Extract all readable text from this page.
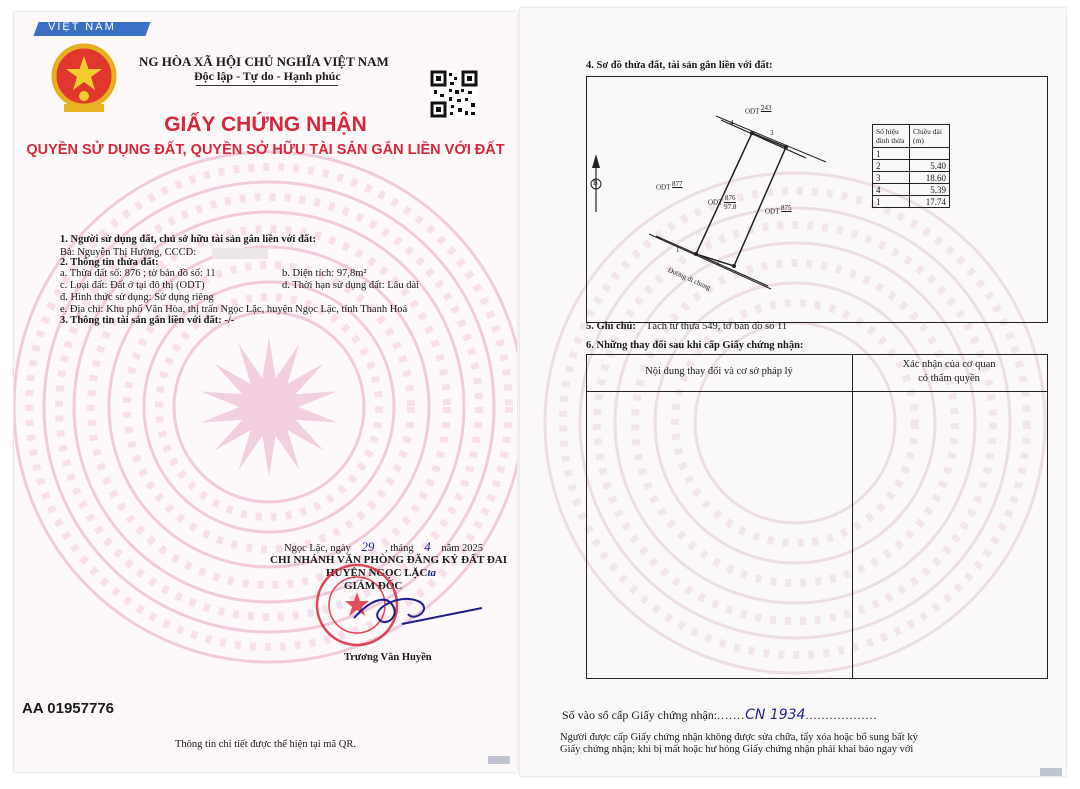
VIỆT NAM
NG HÒA XÃ HỘI CHỦ NGHĨA VIỆT NAM
Độc lập - Tự do - Hạnh phúc
GIẤY CHỨNG NHẬN
QUYỀN SỬ DỤNG ĐẤT, QUYỀN SỞ HỮU TÀI SẢN GẮN LIỀN VỚI ĐẤT
1. Người sử dụng đất, chủ sở hữu tài sản gắn liền với đất:
Bà: Nguyễn Thị Hường, CCCD:
2. Thông tin thửa đất:
a. Thửa đất số: 876 ; tờ bản đồ số: 11	b. Diện tích: 97,8m²
c. Loại đất: Đất ở tại đô thị (ODT)	d. Thời hạn sử dụng đất: Lâu dài
đ. Hình thức sử dụng: Sử dụng riêng
e. Địa chỉ: Khu phố Văn Hòa, thị trấn Ngọc Lặc, huyện Ngọc Lặc, tỉnh Thanh Hoá
3. Thông tin tài sản gắn liền với đất: -/-
Ngọc Lặc, ngày 29 , tháng 4 năm 2025
CHI NHÁNH VĂN PHÒNG ĐĂNG KÝ ĐẤT ĐAI
HUYỆN NGỌC LẶCta
GIÁM ĐỐC
Trương Văn Huyền
AA 01957776
Thông tin chi tiết được thể hiện tại mã QR.
4. Sơ đồ thửa đất, tài sản gắn liền với đất:
ODT 243
ODT 877
ODT $\frac{876}{97.8}$
ODT 875
4
3
1
2
B
Đường đi chung
Số hiệu đỉnh thửa	Chiều dài (m)
1	
2	5.40
3	18.60
4	5.39
1	17.74
5. Ghi chú: Tách từ thửa 549, tờ bản đồ số 11
6. Những thay đổi sau khi cấp Giấy chứng nhận:
Nội dung thay đổi và cơ sở pháp lý
Xác nhận của cơ quan
có thẩm quyền
Số vào sổ cấp Giấy chứng nhận:.......CN 1934..................
Người được cấp Giấy chứng nhận không được sửa chữa, tẩy xóa hoặc bổ sung bất kỳ
Giấy chứng nhận; khi bị mất hoặc hư hỏng Giấy chứng nhận phải khai báo ngay với
